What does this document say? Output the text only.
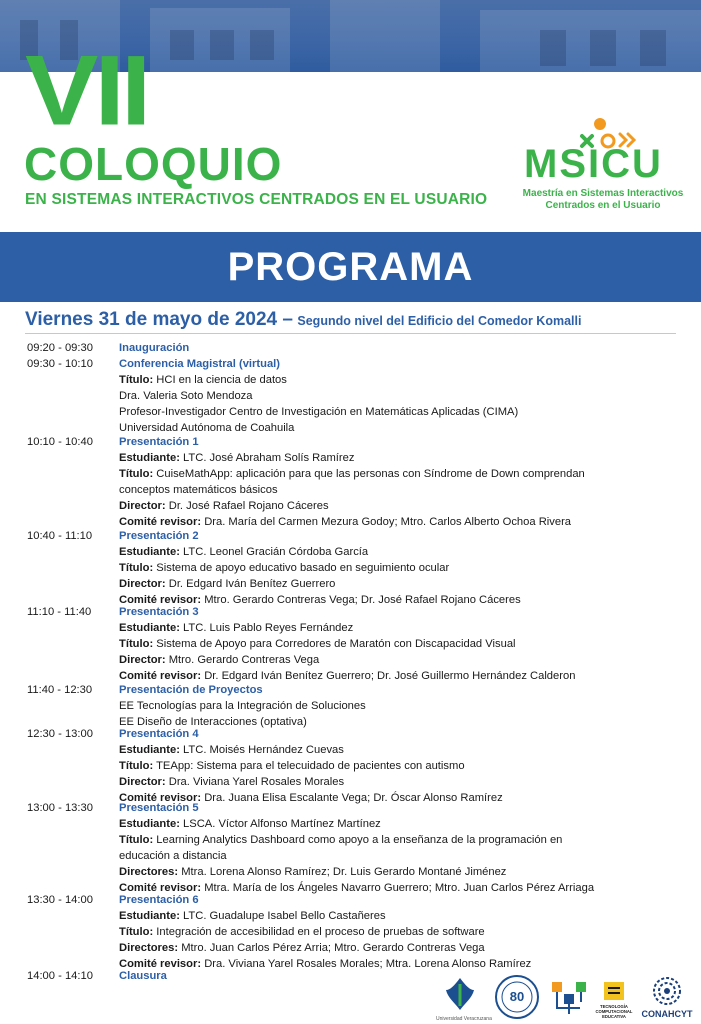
VII
COLOQUIO
EN SISTEMAS INTERACTIVOS CENTRADOS EN EL USUARIO
MSICU
Maestría en Sistemas Interactivos
Centrados en el Usuario
PROGRAMA
Viernes 31 de mayo de 2024 – Segundo nivel del Edificio del Comedor Komalli
09:20 - 09:30 Inauguración
09:30 - 10:10 Conferencia Magistral (virtual)
Título: HCI en la ciencia de datos
Dra. Valeria Soto Mendoza
Profesor-Investigador Centro de Investigación en Matemáticas Aplicadas (CIMA)
Universidad Autónoma de Coahuila
10:10 - 10:40 Presentación 1
Estudiante: LTC. José Abraham Solís Ramírez
Título: CuiseMathApp: aplicación para que las personas con Síndrome de Down comprendan
conceptos matemáticos básicos
Director: Dr. José Rafael Rojano Cáceres
Comité revisor: Dra. María del Carmen Mezura Godoy; Mtro. Carlos Alberto Ochoa Rivera
10:40 - 11:10 Presentación 2
Estudiante: LTC. Leonel Gracián Córdoba García
Título: Sistema de apoyo educativo basado en seguimiento ocular
Director: Dr. Edgard Iván Benítez Guerrero
Comité revisor: Mtro. Gerardo Contreras Vega; Dr. José Rafael Rojano Cáceres
11:10 - 11:40 Presentación 3
Estudiante: LTC. Luis Pablo Reyes Fernández
Título: Sistema de Apoyo para Corredores de Maratón con Discapacidad Visual
Director: Mtro. Gerardo Contreras Vega
Comité revisor: Dr. Edgard Iván Benítez Guerrero; Dr. José Guillermo Hernández Calderon
11:40 - 12:30 Presentación de Proyectos
EE Tecnologías para la Integración de Soluciones
EE Diseño de Interacciones (optativa)
12:30 - 13:00 Presentación 4
Estudiante: LTC. Moisés Hernández Cuevas
Título: TEApp: Sistema para el telecuidado de pacientes con autismo
Director: Dra. Viviana Yarel Rosales Morales
Comité revisor: Dra. Juana Elisa Escalante Vega; Dr. Óscar Alonso Ramírez
13:00 - 13:30 Presentación 5
Estudiante: LSCA. Víctor Alfonso Martínez Martínez
Título: Learning Analytics Dashboard como apoyo a la enseñanza de la programación en
educación a distancia
Directores: Mtra. Lorena Alonso Ramírez; Dr. Luis Gerardo Montané Jiménez
Comité revisor: Mtra. María de los Ángeles Navarro Guerrero; Mtro. Juan Carlos Pérez Arriaga
13:30 - 14:00 Presentación 6
Estudiante: LTC. Guadalupe Isabel Bello Castañeres
Título: Integración de accesibilidad en el proceso de pruebas de software
Directores: Mtro. Juan Carlos Pérez Arria; Mtro. Gerardo Contreras Vega
Comité revisor: Dra. Viviana Yarel Rosales Morales; Mtra. Lorena Alonso Ramírez
14:00 - 14:10 Clausura
Universidad Veracruzana
80
TECNOLOGÍA COMPUTACIONAL EDUCATIVA	CONAHCYT
